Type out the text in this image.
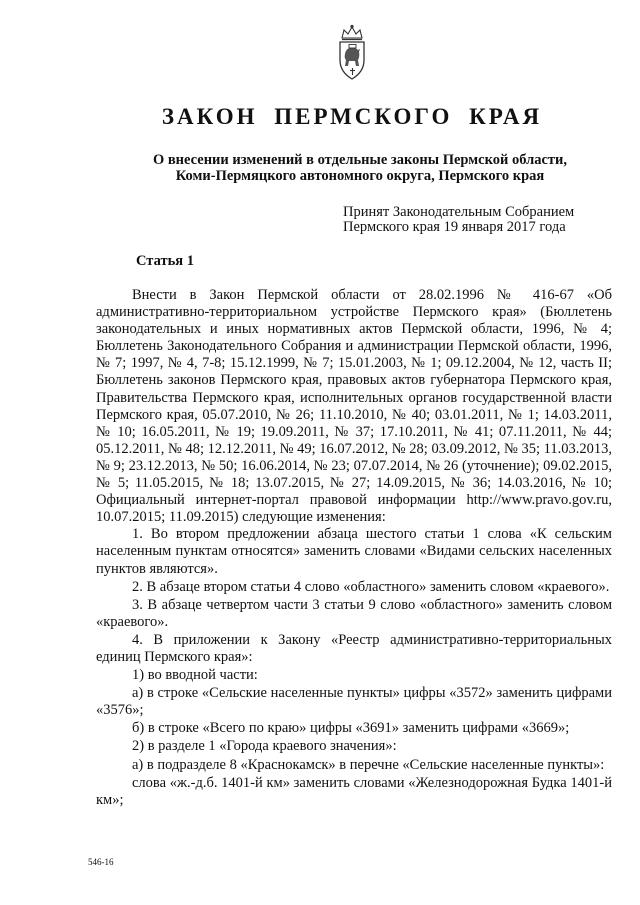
ЗАКОН ПЕРМСКОГО КРАЯ
О внесении изменений в отдельные законы Пермской области,
Коми-Пермяцкого автономного округа, Пермского края
Принят Законодательным Собранием
Пермского края 19 января 2017 года
Статья 1

Внести в Закон Пермской области от 28.02.1996 № 416-67 «Об административно-территориальном устройстве Пермского края» (Бюллетень законодательных и иных нормативных актов Пермской области, 1996, № 4; Бюллетень Законодательного Собрания и администрации Пермской области, 1996, № 7; 1997, № 4, 7-8; 15.12.1999, № 7; 15.01.2003, № 1; 09.12.2004, № 12, часть II; Бюллетень законов Пермского края, правовых актов губернатора Пермского края, Правительства Пермского края, исполнительных органов государственной власти Пермского края, 05.07.2010, № 26; 11.10.2010, № 40; 03.01.2011, № 1; 14.03.2011, № 10; 16.05.2011, № 19; 19.09.2011, № 37; 17.10.2011, № 41; 07.11.2011, № 44; 05.12.2011, № 48; 12.12.2011, № 49; 16.07.2012, № 28; 03.09.2012, № 35; 11.03.2013, № 9; 23.12.2013, № 50; 16.06.2014, № 23; 07.07.2014, № 26 (уточнение); 09.02.2015, № 5; 11.05.2015, № 18; 13.07.2015, № 27; 14.09.2015, № 36; 14.03.2016, № 10; Официальный интернет-портал правовой информации http://www.pravo.gov.ru, 10.07.2015; 11.09.2015) следующие изменения:

1. Во втором предложении абзаца шестого статьи 1 слова «К сельским населенным пунктам относятся» заменить словами «Видами сельских населенных пунктов являются».

2. В абзаце втором статьи 4 слово «областного» заменить словом «краевого».

3. В абзаце четвертом части 3 статьи 9 слово «областного» заменить словом «краевого».

4. В приложении к Закону «Реестр административно-территориальных единиц Пермского края»:

1) во вводной части:

а) в строке «Сельские населенные пункты» цифры «3572» заменить цифрами «3576»;

б) в строке «Всего по краю» цифры «3691» заменить цифрами «3669»;

2) в разделе 1 «Города краевого значения»:

а) в подразделе 8 «Краснокамск» в перечне «Сельские населенные пункты»:

слова «ж.-д.б. 1401-й км» заменить словами «Железнодорожная Будка 1401-й км»;

546-16
